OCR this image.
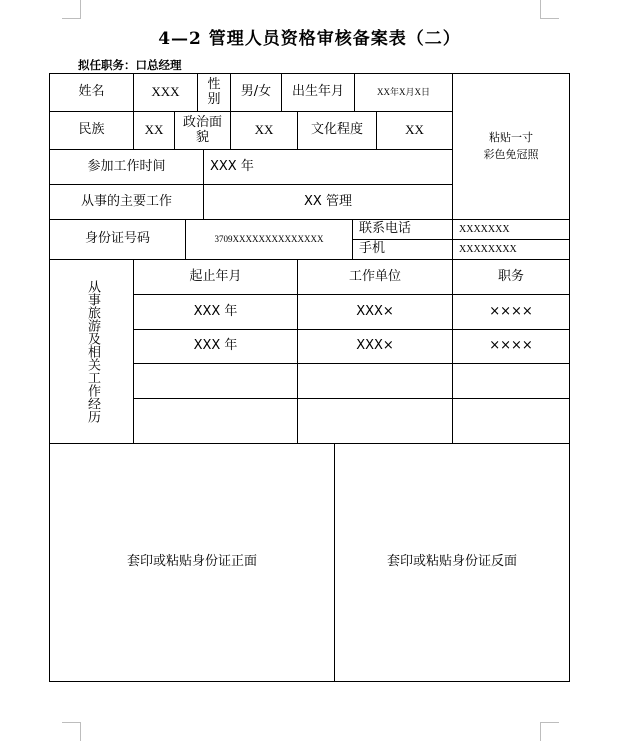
4—2 管理人员资格审核备案表（二）
拟任职务：口总经理
姓名	XXX	性别	男/女	出生年月	XX年X月X日
粘贴一寸
彩色免冠照
民族	XX	政治面貌	XX	文化程度	XX
参加工作时间	XXX 年
从事的主要工作	XX 管理
身份证号码	3709XXXXXXXXXXXXXX
联系电话	XXXXXXX
手机	XXXXXXXX
从事旅游及相关工作经历
起止年月	工作单位	职务
XXX 年	XXX×	××××
XXX 年	XXX×	××××
套印或粘贴身份证正面	套印或粘贴身份证反面
